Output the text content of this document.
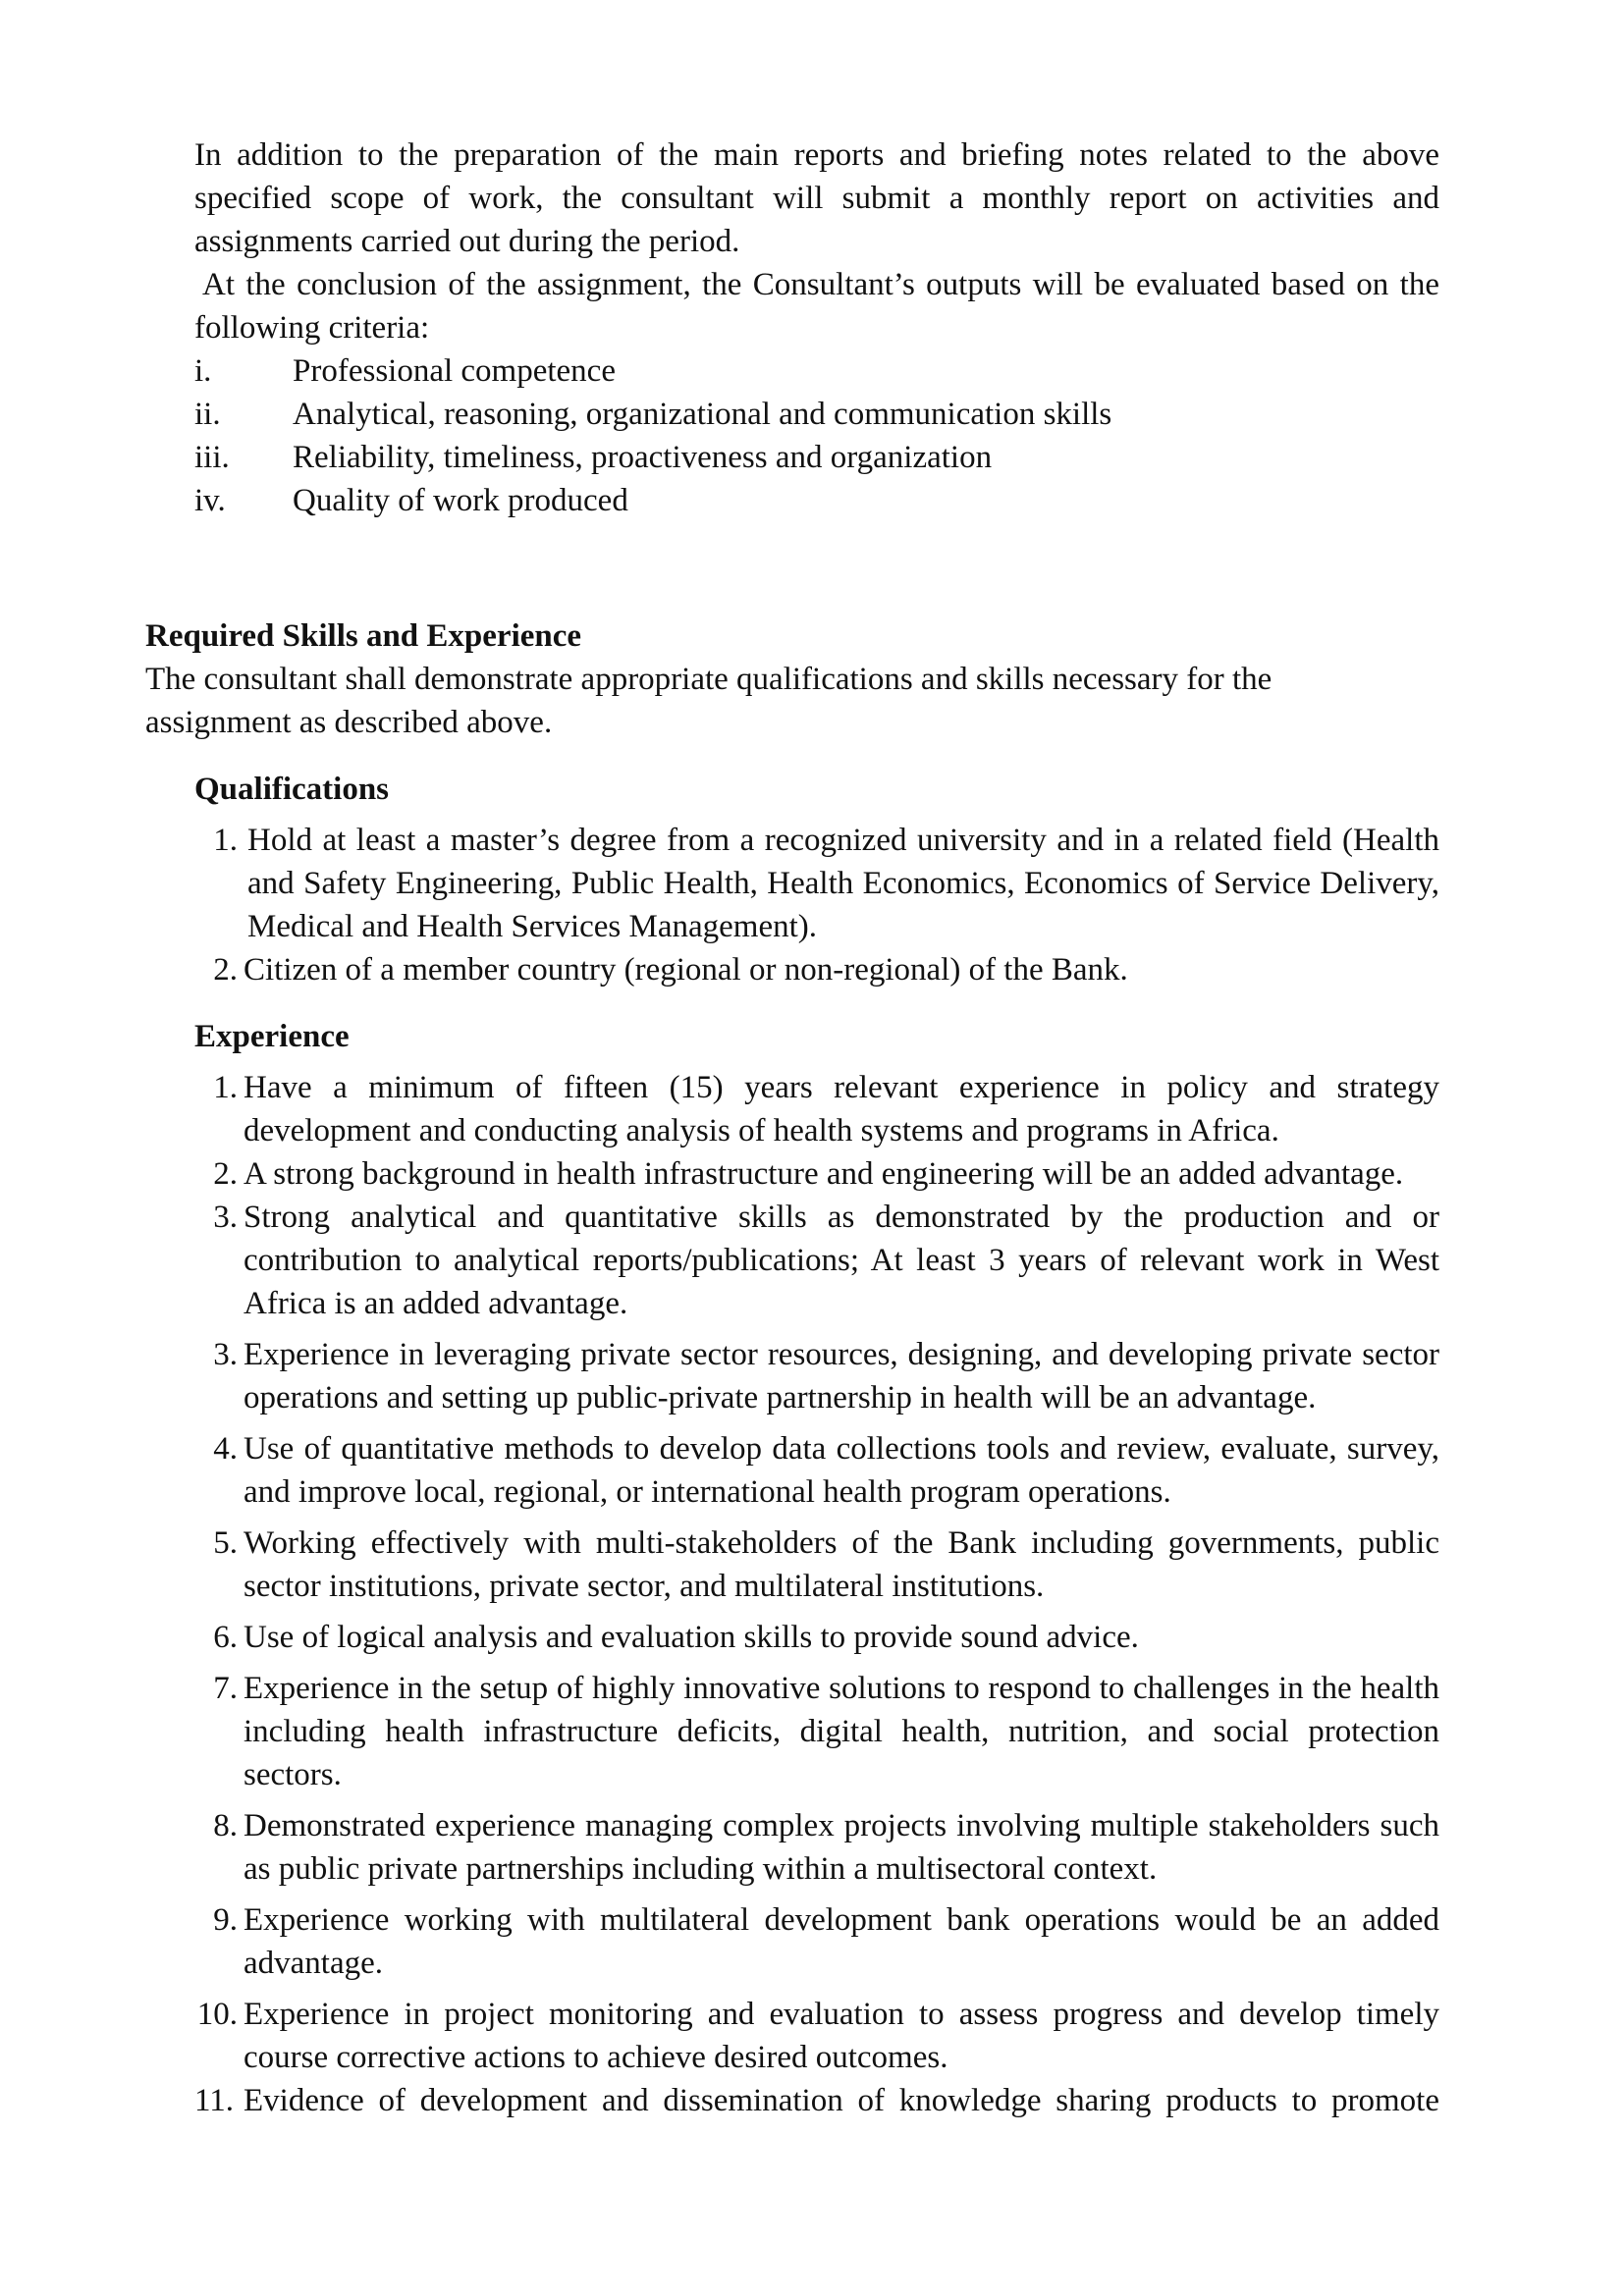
In addition to the preparation of the main reports and briefing notes related to the above specified scope of work, the consultant will submit a monthly report on activities and assignments carried out during the period.

At the conclusion of the assignment, the Consultant’s outputs will be evaluated based on the following criteria:

i.	Professional competence
ii. Analytical, reasoning, organizational and communication skills
iii. Reliability, timeliness, proactiveness and organization
iv. Quality of work produced

Required Skills and Experience

The consultant shall demonstrate appropriate qualifications and skills necessary for the assignment as described above.

Qualifications

1. Hold at least a master’s degree from a recognized university and in a related field (Health and Safety Engineering, Public Health, Health Economics, Economics of Service Delivery, Medical and Health Services Management).
2. Citizen of a member country (regional or non-regional) of the Bank.

Experience

1. Have a minimum of fifteen (15) years relevant experience in policy and strategy development and conducting analysis of health systems and programs in Africa.
2. A strong background in health infrastructure and engineering will be an added advantage.
3. Strong analytical and quantitative skills as demonstrated by the production and or contribution to analytical reports/publications; At least 3 years of relevant work in West Africa is an added advantage.
3. Experience in leveraging private sector resources, designing, and developing private sector operations and setting up public-private partnership in health will be an advantage.
4. Use of quantitative methods to develop data collections tools and review, evaluate, survey, and improve local, regional, or international health program operations.
5. Working effectively with multi-stakeholders of the Bank including governments, public sector institutions, private sector, and multilateral institutions.
6. Use of logical analysis and evaluation skills to provide sound advice.
7. Experience in the setup of highly innovative solutions to respond to challenges in the health including health infrastructure deficits, digital health, nutrition, and social protection sectors.
8. Demonstrated experience managing complex projects involving multiple stakeholders such as public private partnerships including within a multisectoral context.
9. Experience working with multilateral development bank operations would be an added advantage.
10. Experience in project monitoring and evaluation to assess progress and develop timely course corrective actions to achieve desired outcomes.
11. Evidence of development and dissemination of knowledge sharing products to promote
